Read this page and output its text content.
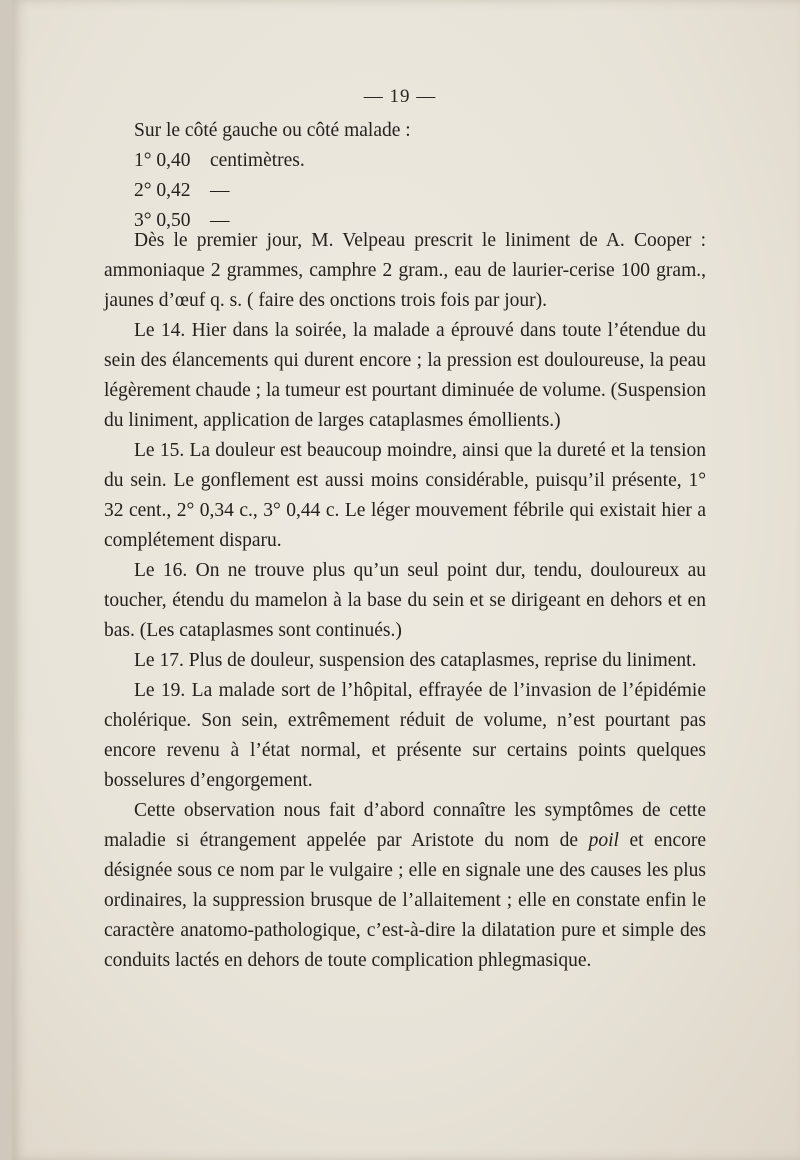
— 19 —
Sur le côté gauche ou côté malade :
1° 0,40 centimètres.
2° 0,42 —
3° 0,50 —

Dès le premier jour, M. Velpeau prescrit le liniment de A. Cooper : ammoniaque 2 grammes, camphre 2 gram., eau de laurier-cerise 100 gram., jaunes d’œuf q. s. ( faire des onctions trois fois par jour).

Le 14. Hier dans la soirée, la malade a éprouvé dans toute l’étendue du sein des élancements qui durent encore ; la pression est douloureuse, la peau légèrement chaude ; la tumeur est pourtant diminuée de volume. (Suspension du liniment, application de larges cataplasmes émollients.)

Le 15. La douleur est beaucoup moindre, ainsi que la dureté et la tension du sein. Le gonflement est aussi moins considérable, puisqu’il présente, 1° 32 cent., 2° 0,34 c., 3° 0,44 c. Le léger mouvement fébrile qui existait hier a complétement disparu.

Le 16. On ne trouve plus qu’un seul point dur, tendu, douloureux au toucher, étendu du mamelon à la base du sein et se dirigeant en dehors et en bas. (Les cataplasmes sont continués.)

Le 17. Plus de douleur, suspension des cataplasmes, reprise du liniment.

Le 19. La malade sort de l’hôpital, effrayée de l’invasion de l’épidémie cholérique. Son sein, extrêmement réduit de volume, n’est pourtant pas encore revenu à l’état normal, et présente sur certains points quelques bosselures d’engorgement.

Cette observation nous fait d’abord connaître les symptômes de cette maladie si étrangement appelée par Aristote du nom de poil et encore désignée sous ce nom par le vulgaire ; elle en signale une des causes les plus ordinaires, la suppression brusque de l’allaitement ; elle en constate enfin le caractère anatomo-pathologique, c’est-à-dire la dilatation pure et simple des conduits lactés en dehors de toute complication phlegmasique.
